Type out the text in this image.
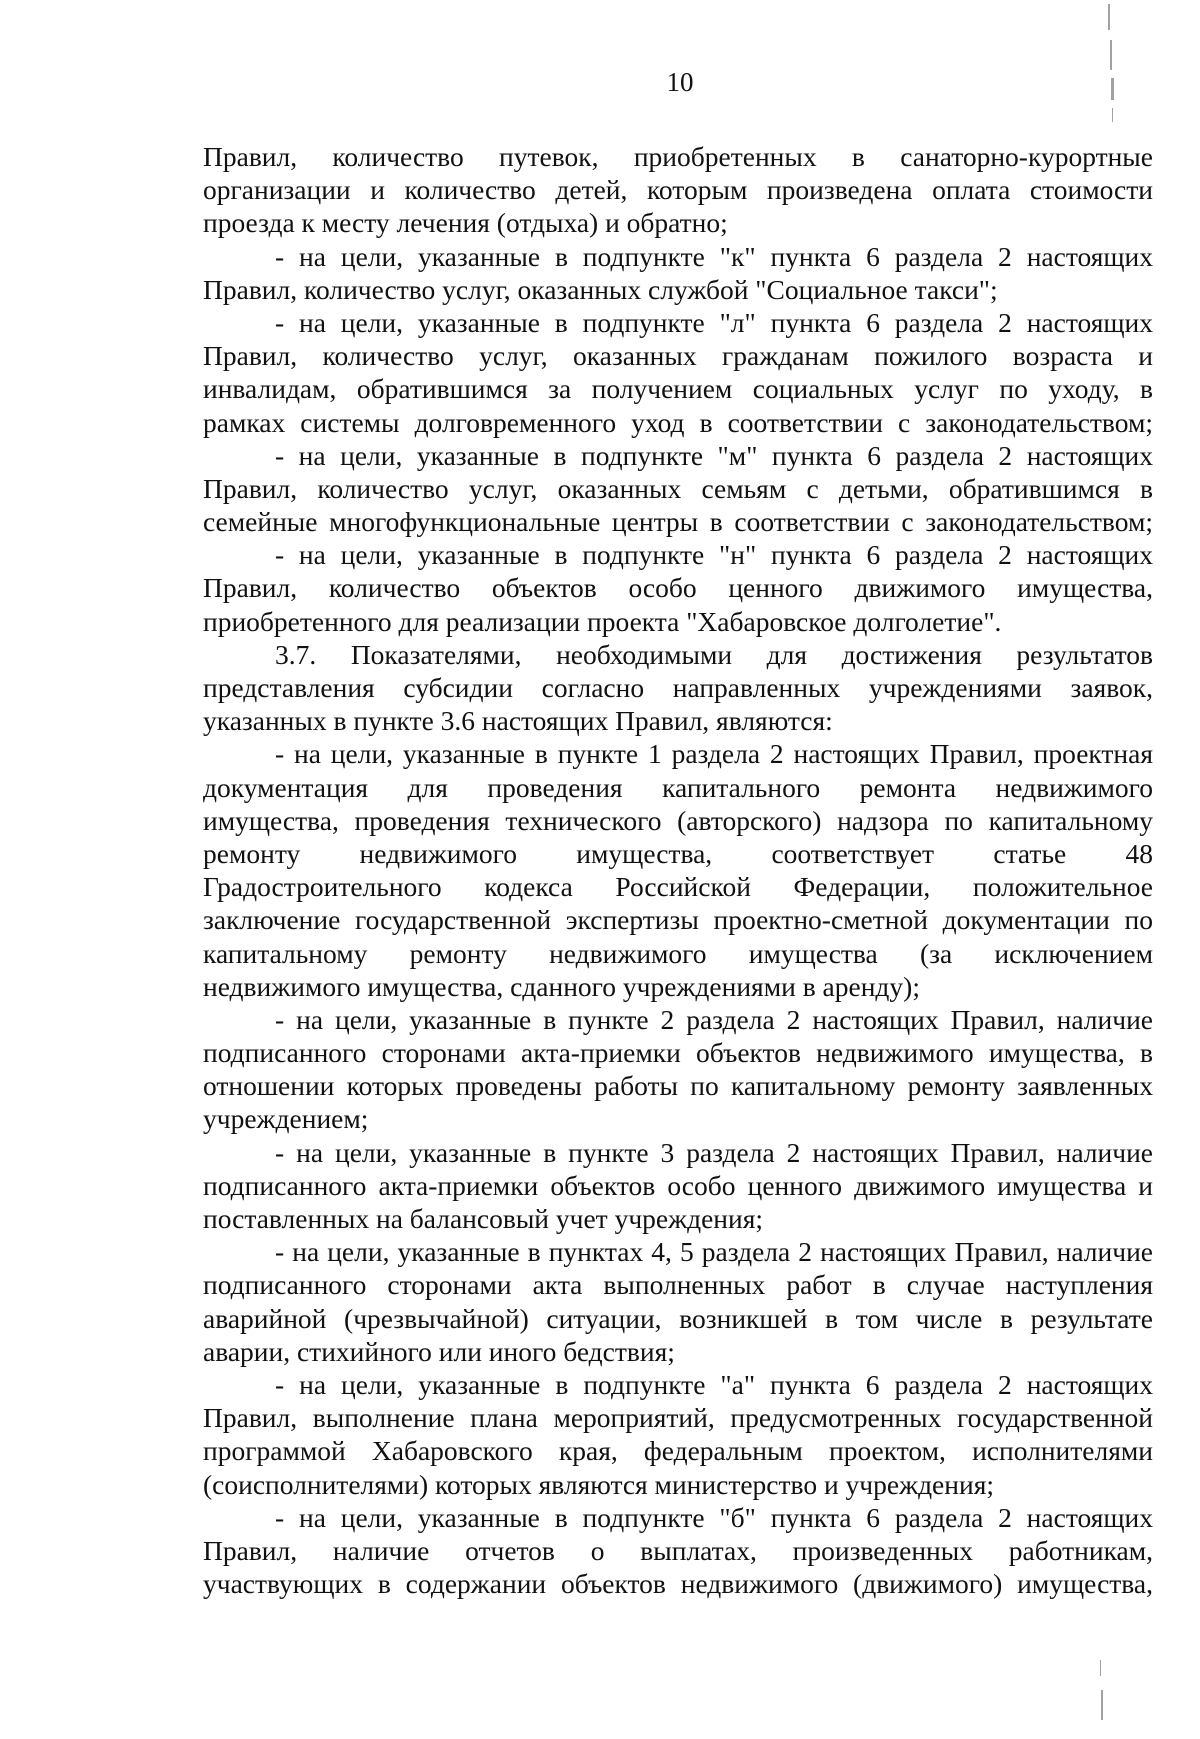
10
Правил, количество путевок, приобретенных в санаторно-курортные
организации и количество детей, которым произведена оплата стоимости
проезда к месту лечения (отдыха) и обратно;
- на цели, указанные в подпункте "к" пункта 6 раздела 2 настоящих
Правил, количество услуг, оказанных службой "Социальное такси";
- на цели, указанные в подпункте "л" пункта 6 раздела 2 настоящих
Правил, количество услуг, оказанных гражданам пожилого возраста и
инвалидам, обратившимся за получением социальных услуг по уходу, в
рамках системы долговременного уход в соответствии с законодательством;
- на цели, указанные в подпункте "м" пункта 6 раздела 2 настоящих
Правил, количество услуг, оказанных семьям с детьми, обратившимся в
семейные многофункциональные центры в соответствии с законодательством;
- на цели, указанные в подпункте "н" пункта 6 раздела 2 настоящих
Правил, количество объектов особо ценного движимого имущества,
приобретенного для реализации проекта "Хабаровское долголетие".
3.7. Показателями, необходимыми для достижения результатов
представления субсидии согласно направленных учреждениями заявок,
указанных в пункте 3.6 настоящих Правил, являются:
- на цели, указанные в пункте 1 раздела 2 настоящих Правил, проектная
документация для проведения капитального ремонта недвижимого
имущества, проведения технического (авторского) надзора по капитальному
ремонту недвижимого имущества, соответствует статье 48
Градостроительного кодекса Российской Федерации, положительное
заключение государственной экспертизы проектно-сметной документации по
капитальному ремонту недвижимого имущества (за исключением
недвижимого имущества, сданного учреждениями в аренду);
- на цели, указанные в пункте 2 раздела 2 настоящих Правил, наличие
подписанного сторонами акта-приемки объектов недвижимого имущества, в
отношении которых проведены работы по капитальному ремонту заявленных
учреждением;
- на цели, указанные в пункте 3 раздела 2 настоящих Правил, наличие
подписанного акта-приемки объектов особо ценного движимого имущества и
поставленных на балансовый учет учреждения;
- на цели, указанные в пунктах 4, 5 раздела 2 настоящих Правил, наличие
подписанного сторонами акта выполненных работ в случае наступления
аварийной (чрезвычайной) ситуации, возникшей в том числе в результате
аварии, стихийного или иного бедствия;
- на цели, указанные в подпункте "а" пункта 6 раздела 2 настоящих
Правил, выполнение плана мероприятий, предусмотренных государственной
программой Хабаровского края, федеральным проектом, исполнителями
(соисполнителями) которых являются министерство и учреждения;
- на цели, указанные в подпункте "б" пункта 6 раздела 2 настоящих
Правил, наличие отчетов о выплатах, произведенных работникам,
участвующих в содержании объектов недвижимого (движимого) имущества,
